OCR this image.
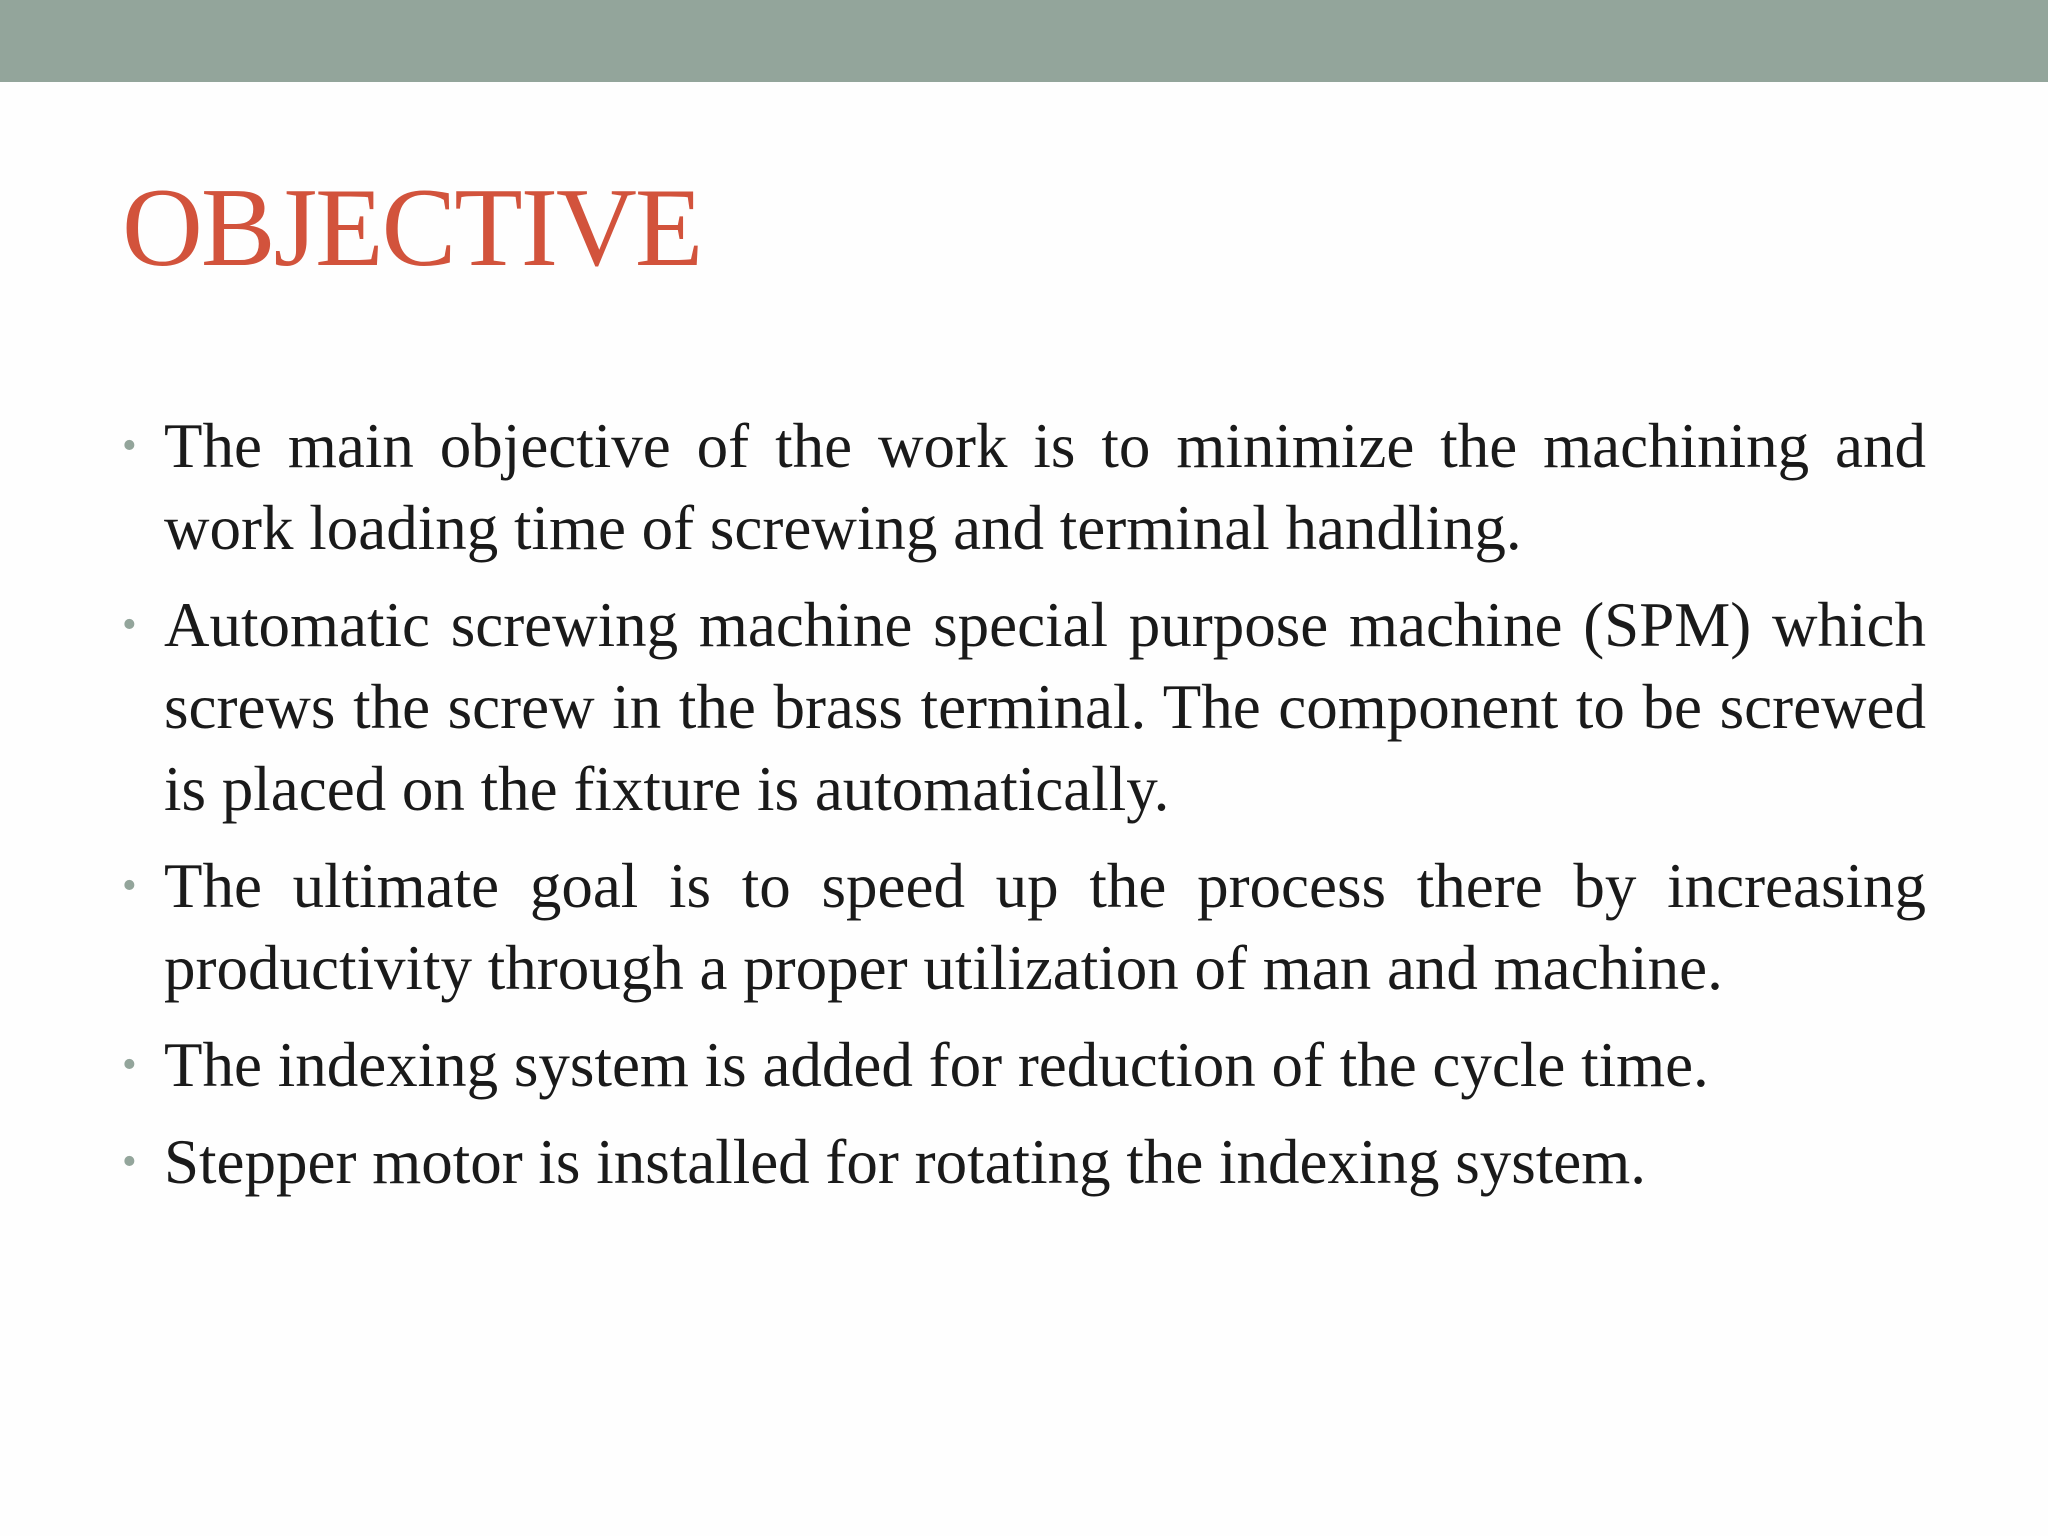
OBJECTIVE
• The main objective of the work is to minimize the machining and work loading time of screwing and terminal handling.
• Automatic screwing machine special purpose machine (SPM) which screws the screw in the brass terminal. The component to be screwed is placed on the fixture is automatically.
• The ultimate goal is to speed up the process there by increasing productivity through a proper utilization of man and machine.
• The indexing system is added for reduction of the cycle time.
• Stepper motor is installed for rotating the indexing system.
